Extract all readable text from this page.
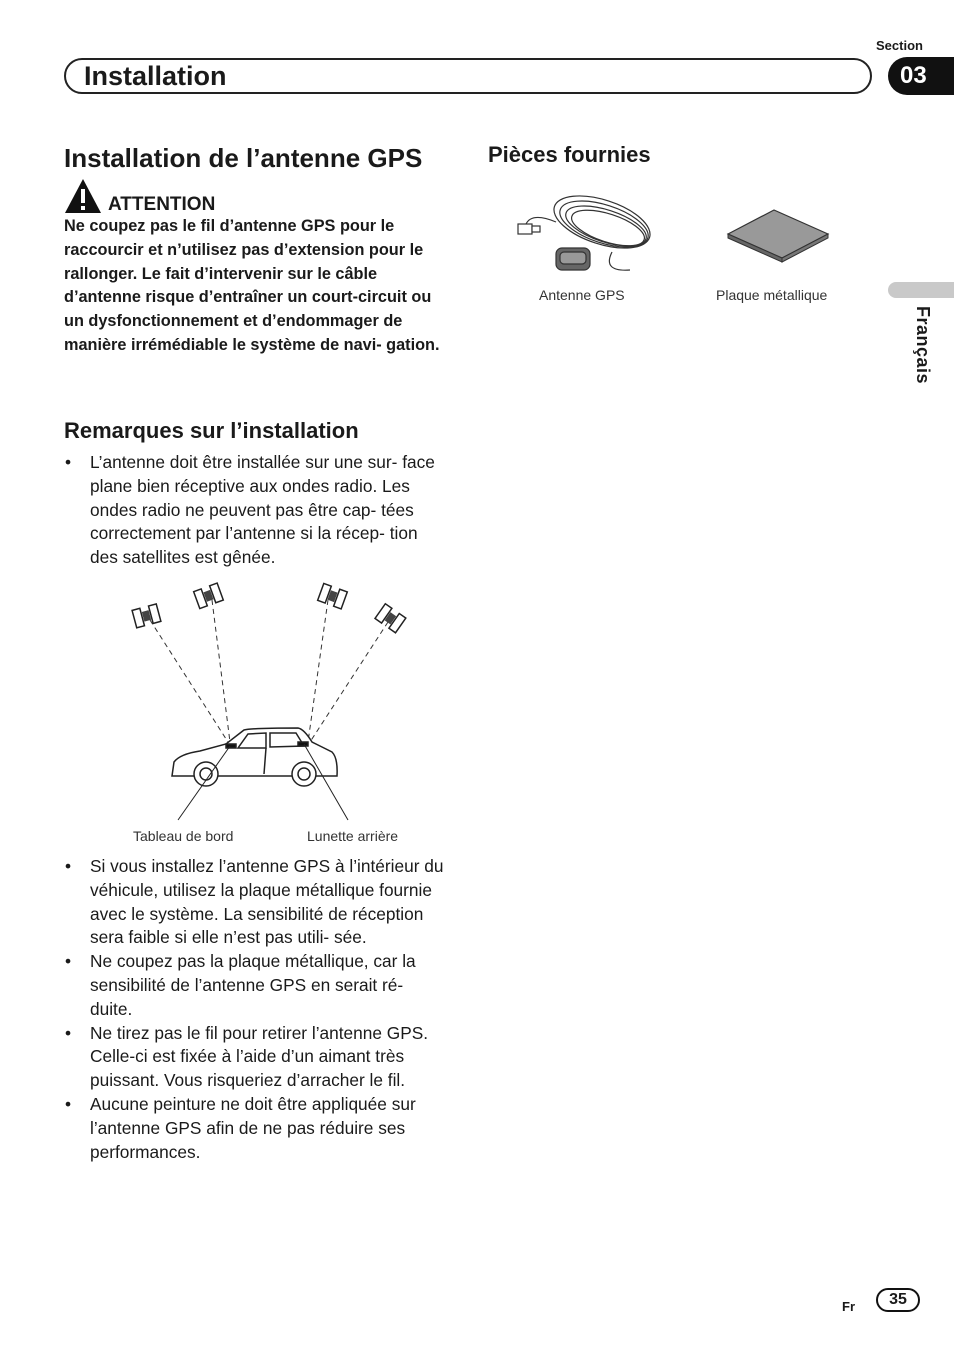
Section
Installation	03
Français
Installation de l’antenne GPS
ATTENTION
Ne coupez pas le fil d’antenne GPS pour le raccourcir et n’utilisez pas d’extension pour le rallonger. Le fait d’intervenir sur le câble d’antenne risque d’entraîner un court-circuit ou un dysfonctionnement et d’endommager de manière irrémédiable le système de navi- gation.
Remarques sur l’installation
• L’antenne doit être installée sur une sur- face plane bien réceptive aux ondes radio. Les ondes radio ne peuvent pas être cap- tées correctement par l’antenne si la récep- tion des satellites est gênée.
Tableau de bord	Lunette arrière
• Si vous installez l’antenne GPS à l’intérieur du véhicule, utilisez la plaque métallique fournie avec le système. La sensibilité de réception sera faible si elle n’est pas utili- sée.
• Ne coupez pas la plaque métallique, car la sensibilité de l’antenne GPS en serait ré- duite.
• Ne tirez pas le fil pour retirer l’antenne GPS. Celle-ci est fixée à l’aide d’un aimant très puissant. Vous risqueriez d’arracher le fil.
• Aucune peinture ne doit être appliquée sur l’antenne GPS afin de ne pas réduire ses performances.
Pièces fournies
Antenne GPS	Plaque métallique
Fr 35
